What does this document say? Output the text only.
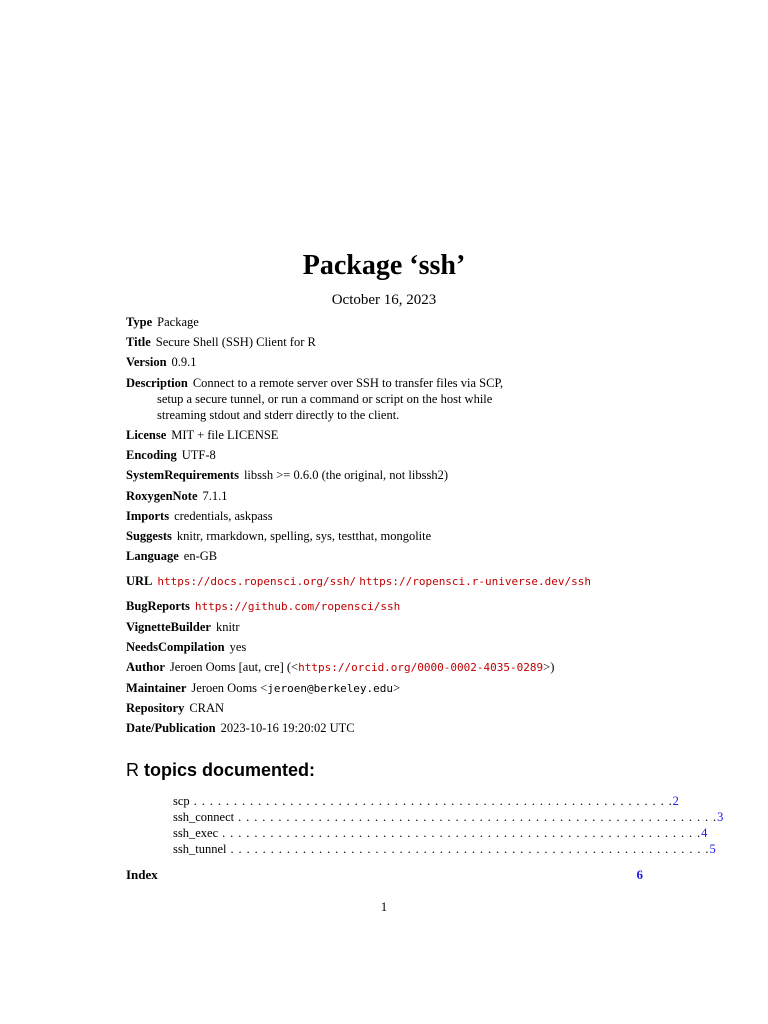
Package ‘ssh’
October 16, 2023
Type Package
Title Secure Shell (SSH) Client for R
Version 0.9.1
Description Connect to a remote server over SSH to transfer files via SCP,
setup a secure tunnel, or run a command or script on the host while
streaming stdout and stderr directly to the client.
License MIT + file LICENSE
Encoding UTF-8
SystemRequirements libssh >= 0.6.0 (the original, not libssh2)
RoxygenNote 7.1.1
Imports credentials, askpass
Suggests knitr, rmarkdown, spelling, sys, testthat, mongolite
Language en-GB
URL https://docs.ropensci.org/ssh/ https://ropensci.r-universe.dev/ssh
BugReports https://github.com/ropensci/ssh
VignetteBuilder knitr
NeedsCompilation yes
Author Jeroen Ooms [aut, cre] (<https://orcid.org/0000-0002-4035-0289>)
Maintainer Jeroen Ooms <jeroen@berkeley.edu>
Repository CRAN
Date/Publication 2023-10-16 19:20:02 UTC
R topics documented:
scp . . . . . . . . . . . . . . . . . . . . . . . . . . . . . . . . . . . . . . . . . . . . . . . . . . . . . . . . . . . . 2
ssh_connect . . . . . . . . . . . . . . . . . . . . . . . . . . . . . . . . . . . . . . . . . . . . . . . . . . . . . . . . . . . . 3
ssh_exec . . . . . . . . . . . . . . . . . . . . . . . . . . . . . . . . . . . . . . . . . . . . . . . . . . . . . . . . . . . . 4
ssh_tunnel . . . . . . . . . . . . . . . . . . . . . . . . . . . . . . . . . . . . . . . . . . . . . . . . . . . . . . . . . . . . 5
Index	6
1
